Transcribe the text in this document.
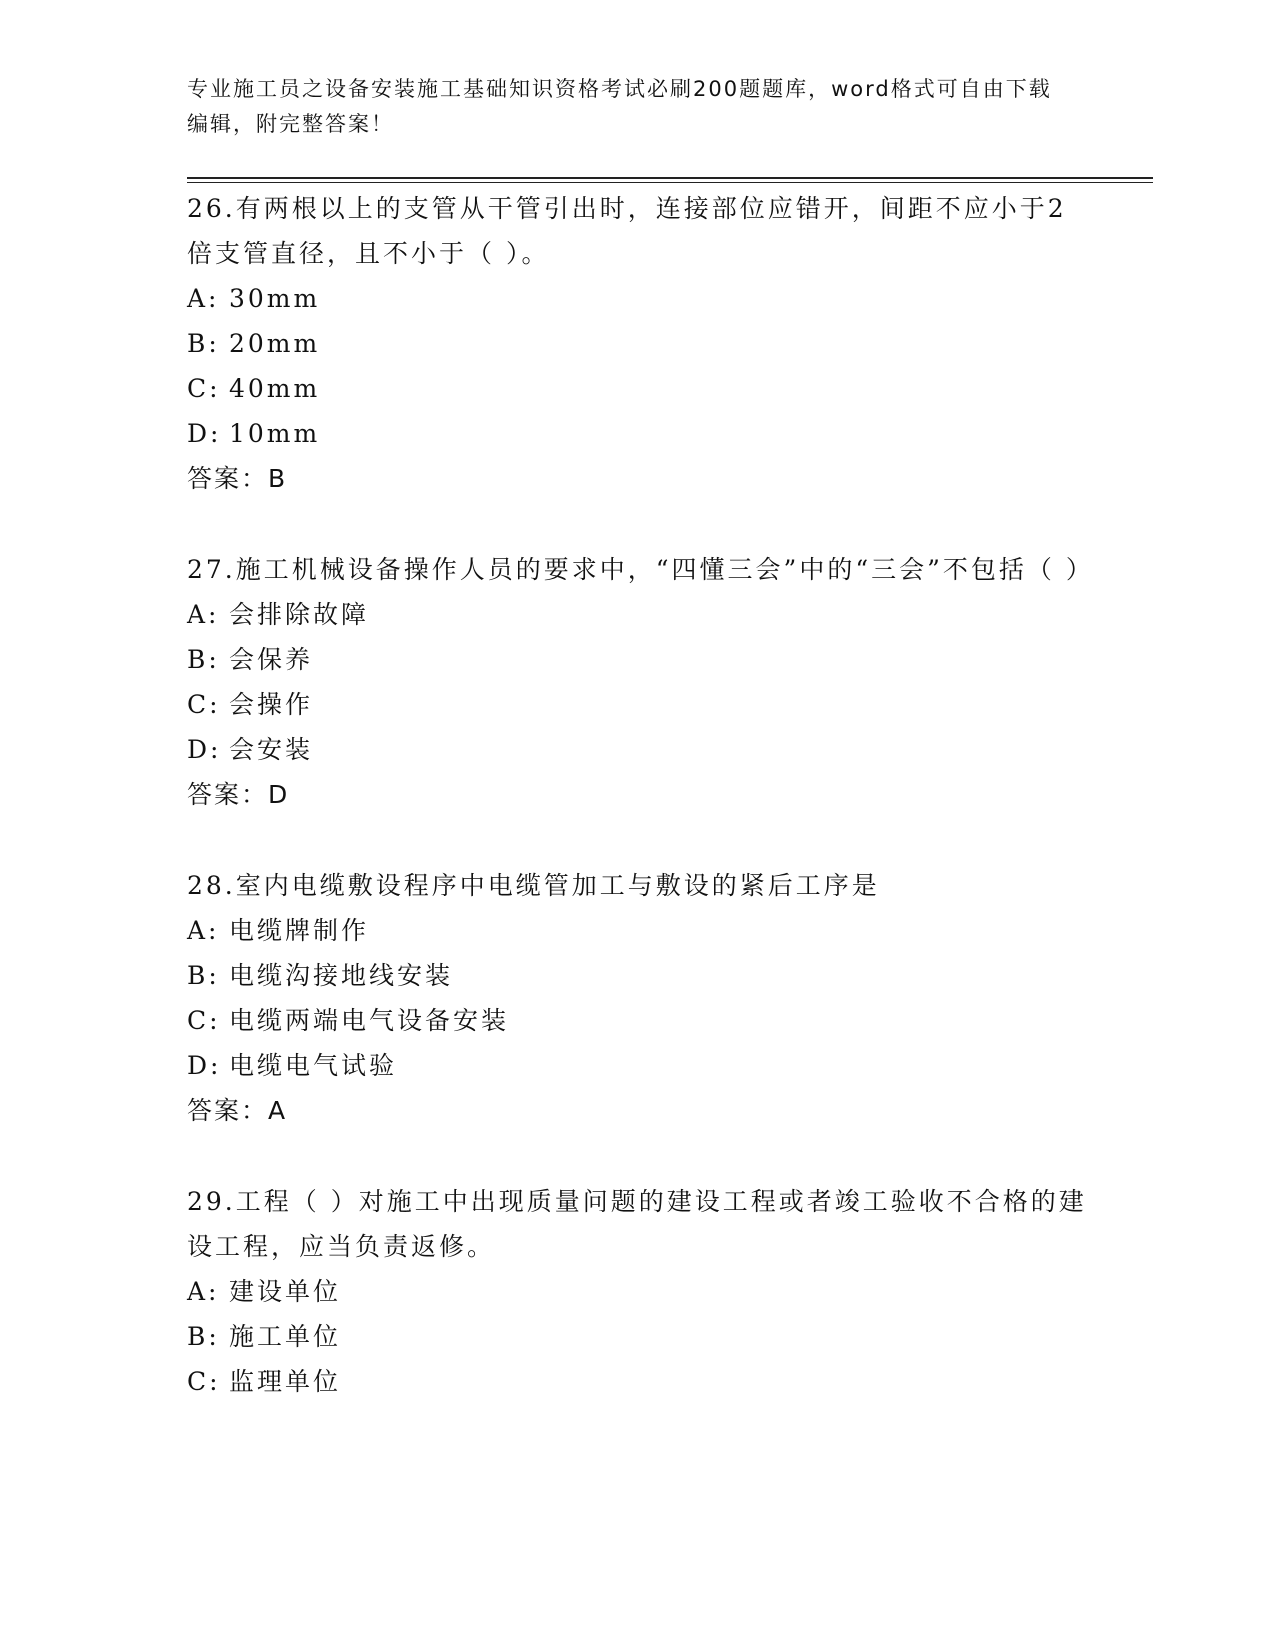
专业施工员之设备安装施工基础知识资格考试必刷200题题库，word格式可自由下载编辑，附完整答案！

26.有两根以上的支管从干管引出时，连接部位应错开，间距不应小于2倍支管直径，且不小于（ ）。

A: 30mm

B: 20mm

C: 40mm

D: 10mm

答案：B

27.施工机械设备操作人员的要求中，“四懂三会”中的“三会”不包括（ ）

A: 会排除故障

B: 会保养

C: 会操作

D: 会安装

答案：D

28.室内电缆敷设程序中电缆管加工与敷设的紧后工序是

A: 电缆牌制作

B: 电缆沟接地线安装

C: 电缆两端电气设备安装

D: 电缆电气试验

答案：A

29.工程（ ）对施工中出现质量问题的建设工程或者竣工验收不合格的建设工程，应当负责返修。

A: 建设单位

B: 施工单位

C: 监理单位
